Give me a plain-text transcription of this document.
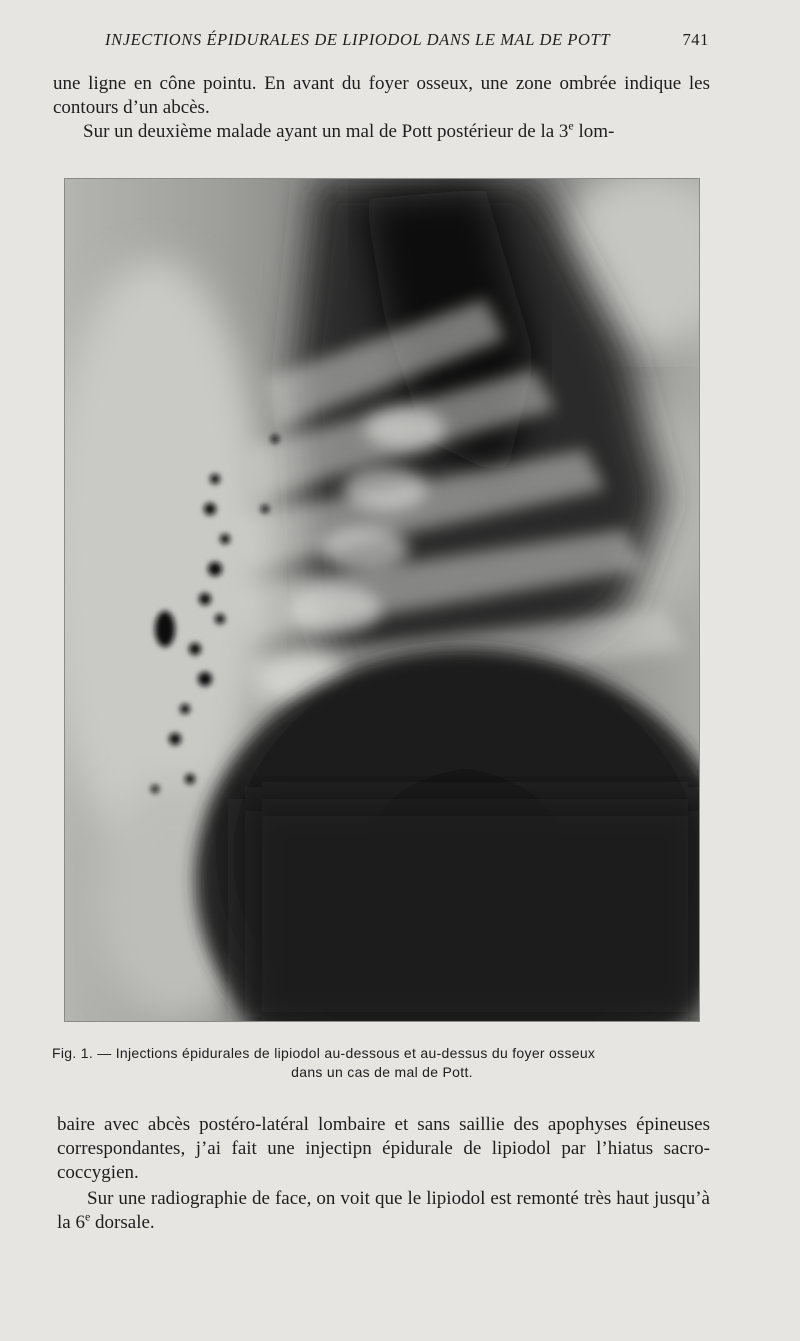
INJECTIONS ÉPIDURALES DE LIPIODOL DANS LE MAL DE POTT	741

une ligne en cône pointu. En avant du foyer osseux, une zone ombrée indique les contours d’un abcès.

Sur un deuxième malade ayant un mal de Pott postérieur de la 3e lom-

Fig. 1. — Injections épidurales de lipiodol au-dessous et au-dessus du foyer osseux
dans un cas de mal de Pott.

baire avec abcès postéro-latéral lombaire et sans saillie des apophyses épineuses correspondantes, j’ai fait une injectipn épidurale de lipiodol par l’hiatus sacro-coccygien.

Sur une radiographie de face, on voit que le lipiodol est remonté très haut jusqu’à la 6e dorsale.
